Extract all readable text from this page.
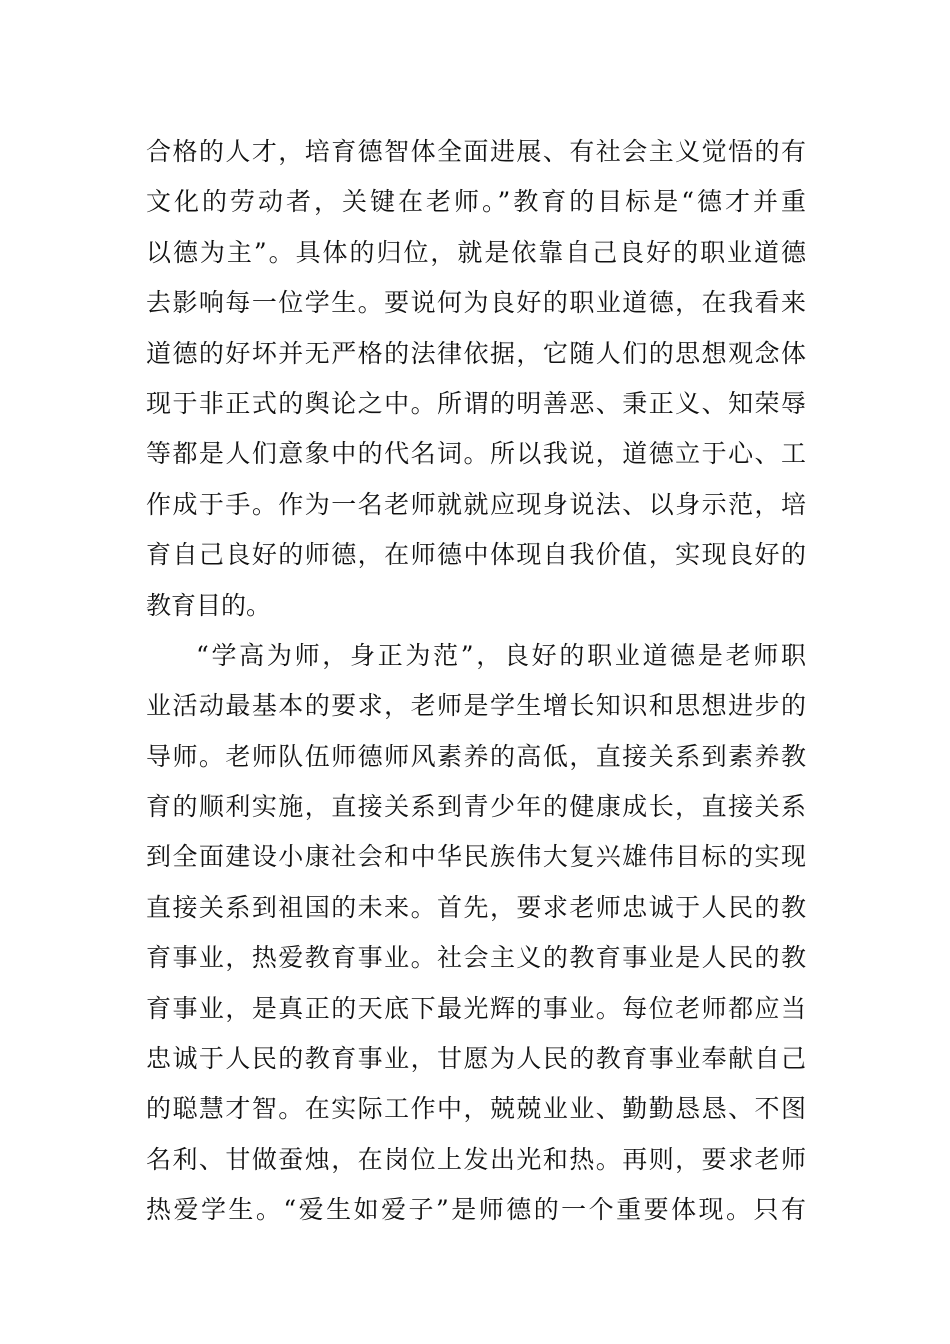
合格的人才，培育德智体全面进展、有社会主义觉悟的有
文化的劳动者，关键在老师。”教育的目标是“德才并重
以德为主”。具体的归位，就是依靠自己良好的职业道德
去影响每一位学生。要说何为良好的职业道德，在我看来
道德的好坏并无严格的法律依据，它随人们的思想观念体
现于非正式的舆论之中。所谓的明善恶、秉正义、知荣辱
等都是人们意象中的代名词。所以我说，道德立于心、工
作成于手。作为一名老师就就应现身说法、以身示范，培
育自己良好的师德，在师德中体现自我价值，实现良好的
教育目的。
“学高为师，身正为范”，良好的职业道德是老师职
业活动最基本的要求，老师是学生增长知识和思想进步的
导师。老师队伍师德师风素养的高低，直接关系到素养教
育的顺利实施，直接关系到青少年的健康成长，直接关系
到全面建设小康社会和中华民族伟大复兴雄伟目标的实现
直接关系到祖国的未来。首先，要求老师忠诚于人民的教
育事业，热爱教育事业。社会主义的教育事业是人民的教
育事业，是真正的天底下最光辉的事业。每位老师都应当
忠诚于人民的教育事业，甘愿为人民的教育事业奉献自己
的聪慧才智。在实际工作中，兢兢业业、勤勤恳恳、不图
名利、甘做蚕烛，在岗位上发出光和热。再则，要求老师
热爱学生。“爱生如爱子”是师德的一个重要体现。只有
